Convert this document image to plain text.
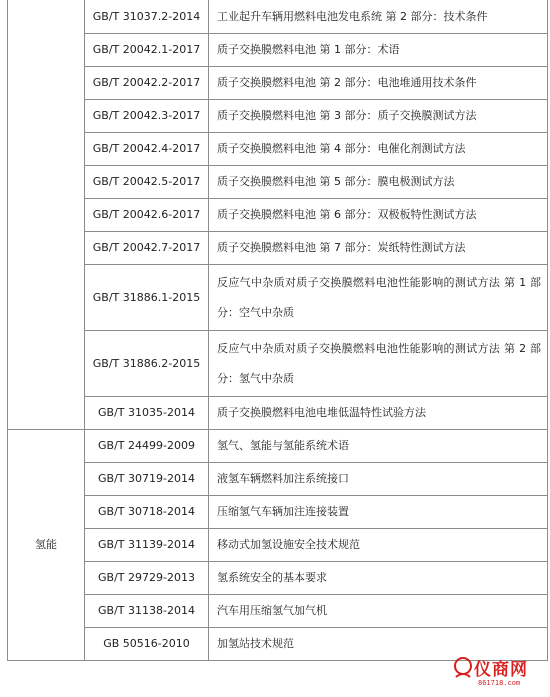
	GB/T 31037.2-2014	工业起升车辆用燃料电池发电系统 第 2 部分：技术条件
	GB/T 20042.1-2017	质子交换膜燃料电池 第 1 部分：术语
	GB/T 20042.2-2017	质子交换膜燃料电池 第 2 部分：电池堆通用技术条件
	GB/T 20042.3-2017	质子交换膜燃料电池 第 3 部分：质子交换膜测试方法
	GB/T 20042.4-2017	质子交换膜燃料电池 第 4 部分：电催化剂测试方法
	GB/T 20042.5-2017	质子交换膜燃料电池 第 5 部分：膜电极测试方法
	GB/T 20042.6-2017	质子交换膜燃料电池 第 6 部分：双极板特性测试方法
	GB/T 20042.7-2017	质子交换膜燃料电池 第 7 部分：炭纸特性测试方法
	GB/T 31886.1-2015	反应气中杂质对质子交换膜燃料电池性能影响的测试方法 第 1 部分：空气中杂质
	GB/T 31886.2-2015	反应气中杂质对质子交换膜燃料电池性能影响的测试方法 第 2 部分：氢气中杂质
	GB/T 31035-2014	质子交换膜燃料电池电堆低温特性试验方法
氢能	GB/T 24499-2009	氢气、氢能与氢能系统术语
	GB/T 30719-2014	液氢车辆燃料加注系统接口
	GB/T 30718-2014	压缩氢气车辆加注连接装置
	GB/T 31139-2014	移动式加氢设施安全技术规范
	GB/T 29729-2013	氢系统安全的基本要求
	GB/T 31138-2014	汽车用压缩氢气加气机
	GB 50516-2010	加氢站技术规范
仪商网
861718.com
